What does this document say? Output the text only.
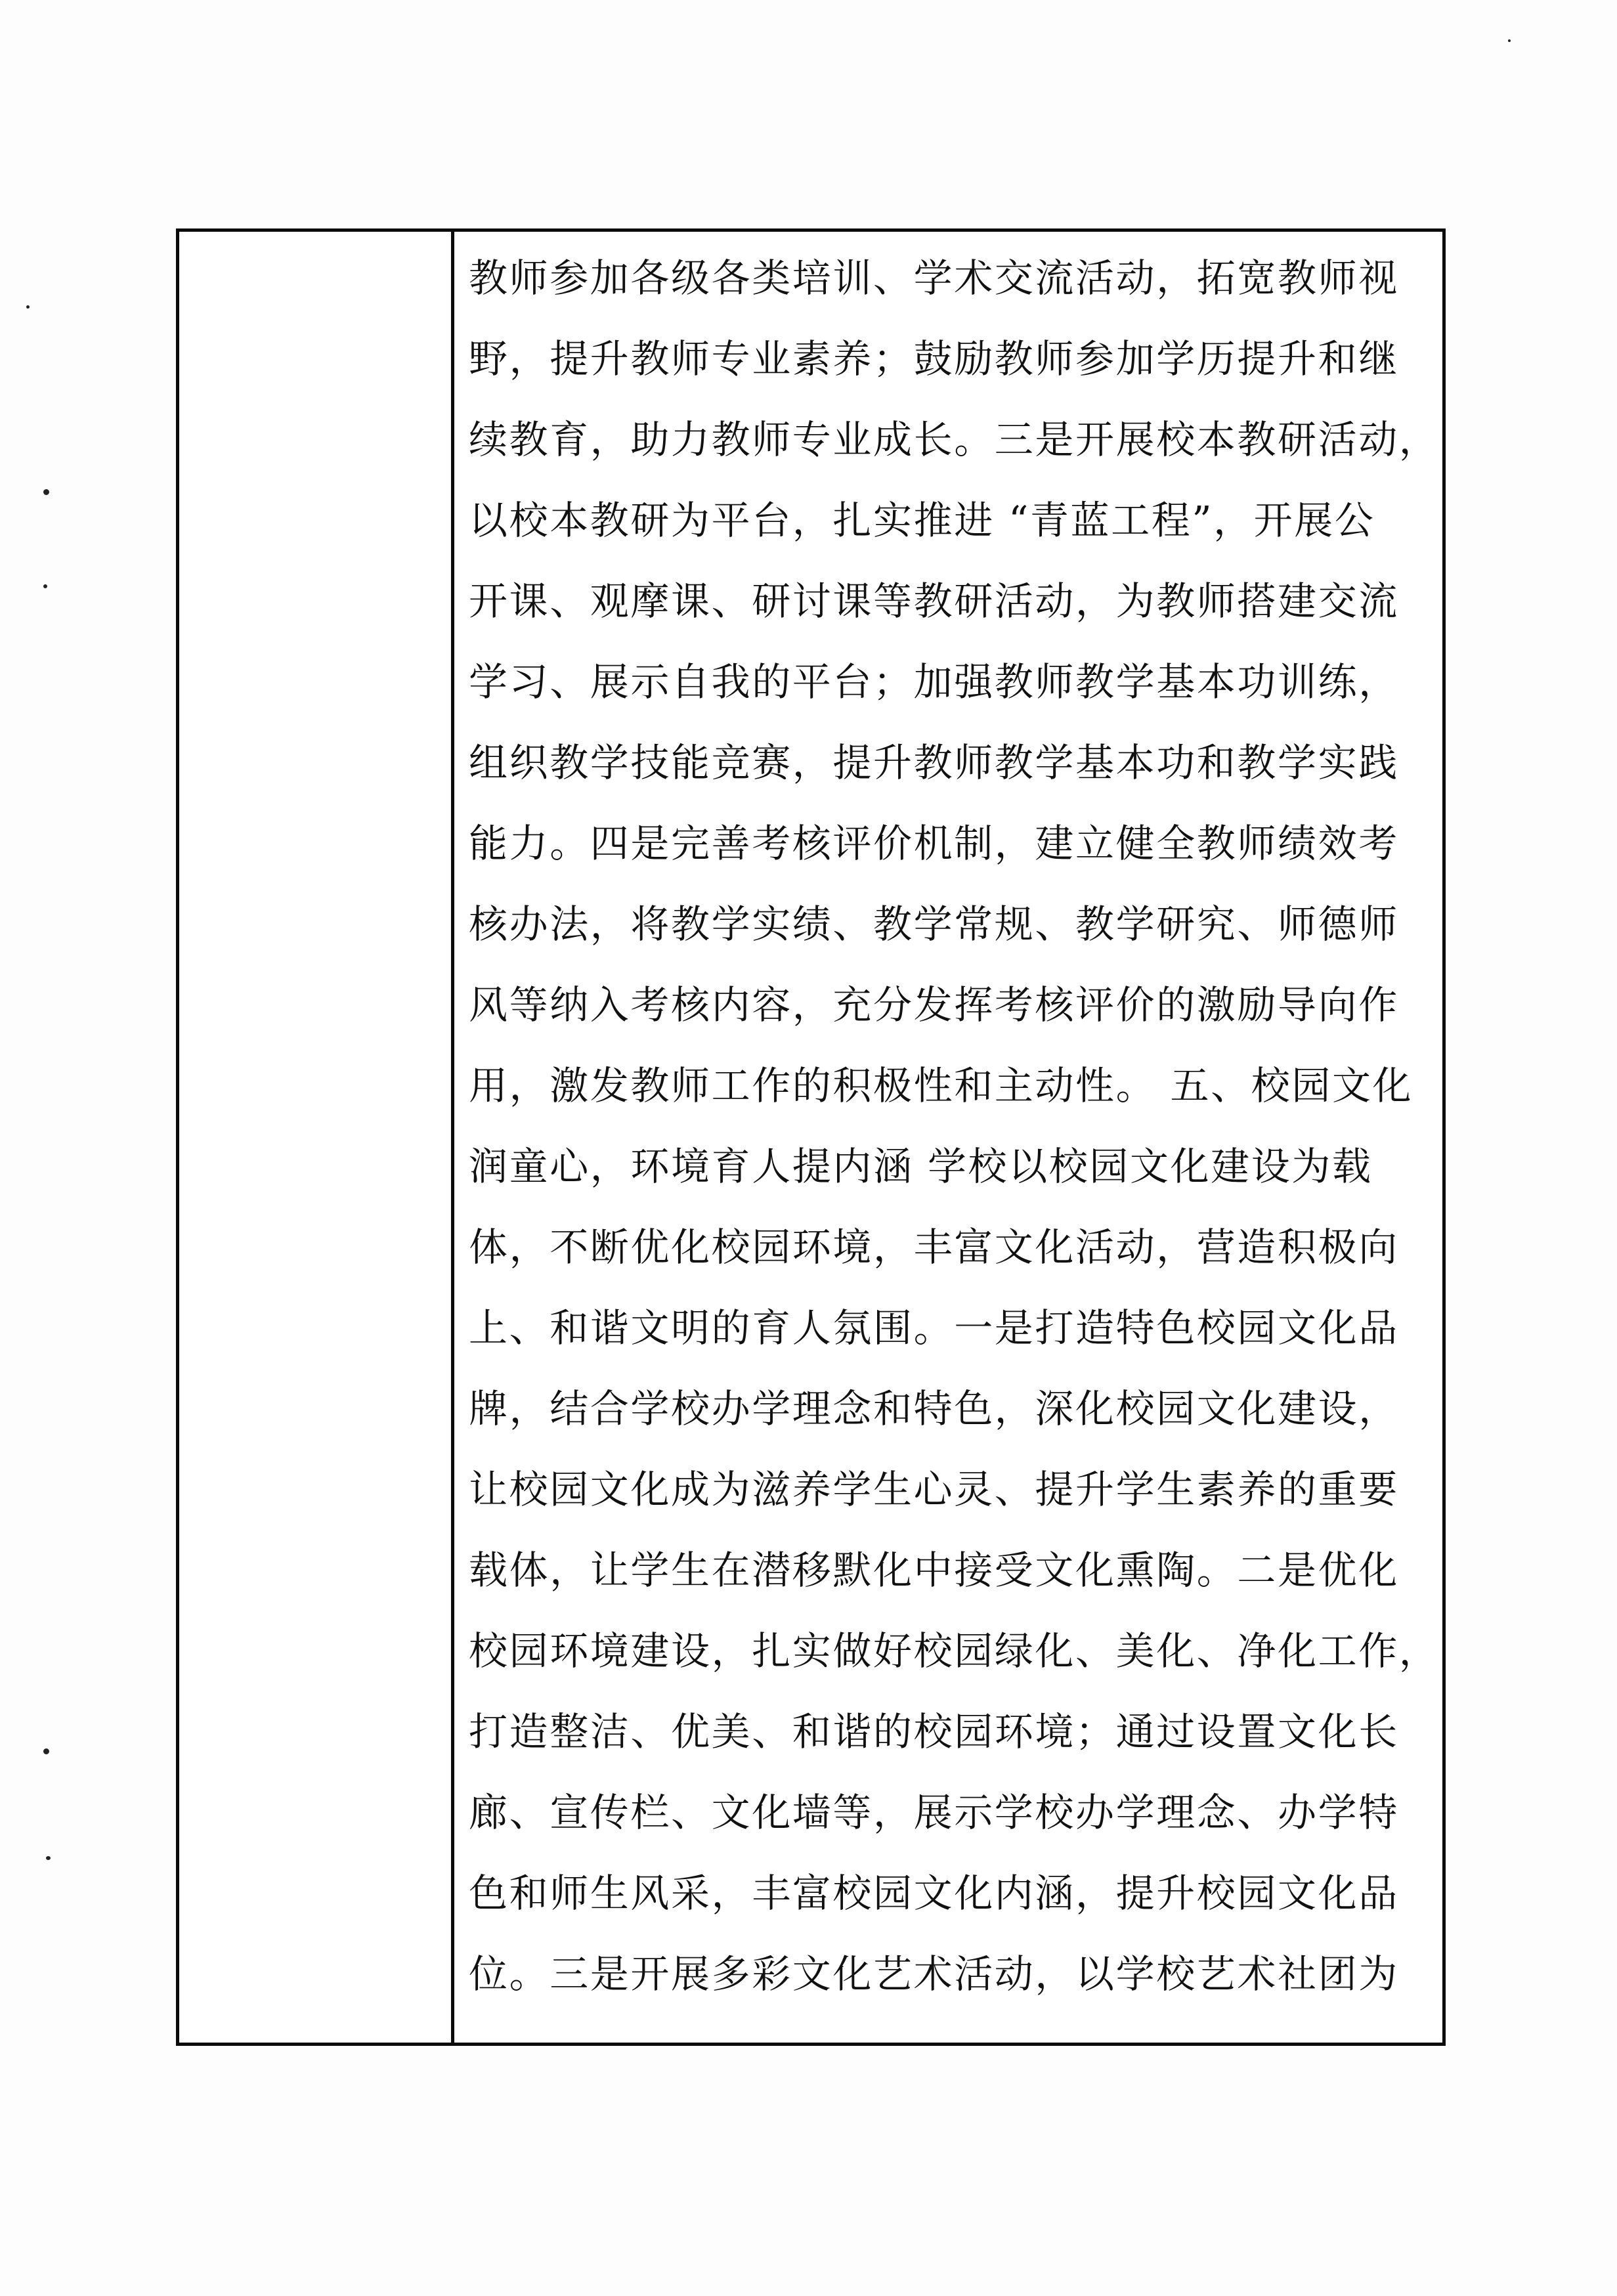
教师参加各级各类培训、学术交流活动，拓宽教师视
野，提升教师专业素养；鼓励教师参加学历提升和继
续教育，助力教师专业成长。三是开展校本教研活动，
以校本教研为平台，扎实推进 “青蓝工程”，开展公
开课、观摩课、研讨课等教研活动，为教师搭建交流
学习、展示自我的平台；加强教师教学基本功训练，
组织教学技能竞赛，提升教师教学基本功和教学实践
能力。四是完善考核评价机制，建立健全教师绩效考
核办法，将教学实绩、教学常规、教学研究、师德师
风等纳入考核内容，充分发挥考核评价的激励导向作
用，激发教师工作的积极性和主动性。 五、校园文化
润童心，环境育人提内涵 学校以校园文化建设为载
体，不断优化校园环境，丰富文化活动，营造积极向
上、和谐文明的育人氛围。一是打造特色校园文化品
牌，结合学校办学理念和特色，深化校园文化建设，
让校园文化成为滋养学生心灵、提升学生素养的重要
载体，让学生在潜移默化中接受文化熏陶。二是优化
校园环境建设，扎实做好校园绿化、美化、净化工作，
打造整洁、优美、和谐的校园环境；通过设置文化长
廊、宣传栏、文化墙等，展示学校办学理念、办学特
色和师生风采，丰富校园文化内涵，提升校园文化品
位。三是开展多彩文化艺术活动，以学校艺术社团为
